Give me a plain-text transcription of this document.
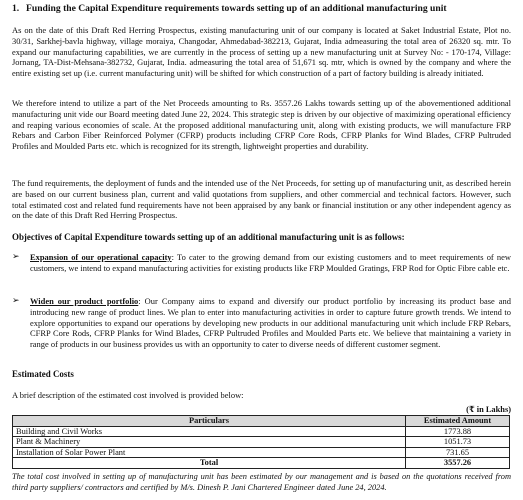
1. Funding the Capital Expenditure requirements towards setting up of an additional manufacturing unit

As on the date of this Draft Red Herring Prospectus, existing manufacturing unit of our company is located at Saket Industrial Estate, Plot no. 30/31, Sarkhej-bavla highway, village moraiya, Changodar, Ahmedabad-382213, Gujarat, India admeasuring the total area of 26320 sq. mtr. To expand our manufacturing capabilities, we are currently in the process of setting up a new manufacturing unit at Survey No: - 170-174, Village: Jornang, TA-Dist-Mehsana-382732, Gujarat, India. admeasuring the total area of 51,671 sq. mtr, which is owned by the company and where the entire existing set up (i.e. current manufacturing unit) will be shifted for which construction of a part of factory building is already initiated.

We therefore intend to utilize a part of the Net Proceeds amounting to Rs. 3557.26 Lakhs towards setting up of the abovementioned additional manufacturing unit vide our Board meeting dated June 22, 2024. This strategic step is driven by our objective of maximizing operational efficiency and reaping various economies of scale. At the proposed additional manufacturing unit, along with existing products, we will manufacture FRP Rebars and Carbon Fiber Reinforced Polymer (CFRP) products including CFRP Core Rods, CFRP Planks for Wind Blades, CFRP Pultruded Profiles and Moulded Parts etc. which is recognized for its strength, lightweight properties and durability.

The fund requirements, the deployment of funds and the intended use of the Net Proceeds, for setting up of manufacturing unit, as described herein are based on our current business plan, current and valid quotations from suppliers, and other commercial and technical factors. However, such total estimated cost and related fund requirements have not been appraised by any bank or financial institution or any other independent agency as on the date of this Draft Red Herring Prospectus.

Objectives of Capital Expenditure towards setting up of an additional manufacturing unit is as follows:
➢	Expansion of our operational capacity: To cater to the growing demand from our existing customers and to meet requirements of new customers, we intend to expand manufacturing activities for existing products like FRP Moulded Gratings, FRP Rod for Optic Fibre cable etc.
➢	Widen our product portfolio: Our Company aims to expand and diversify our product portfolio by increasing its product base and introducing new range of product lines. We plan to enter into manufacturing activities in order to capture future growth trends. We intend to explore opportunities to expand our operations by developing new products in our additional manufacturing unit which include FRP Rebars, CFRP Core Rods, CFRP Planks for Wind Blades, CFRP Pultruded Profiles and Moulded Parts etc. We believe that maintaining a variety in range of products in our business provides us with an opportunity to cater to diverse needs of different customer segment.
Estimated Costs
A brief description of the estimated cost involved is provided below:
(₹ in Lakhs)
Particulars	Estimated Amount
Building and Civil Works	1773.88
Plant & Machinery	1051.73
Installation of Solar Power Plant	731.65
Total	3557.26

The total cost involved in setting up of manufacturing unit has been estimated by our management and is based on the quotations received from third party suppliers/ contractors and certified by M/s. Dinesh P. Jani Chartered Engineer dated June 24, 2024.
